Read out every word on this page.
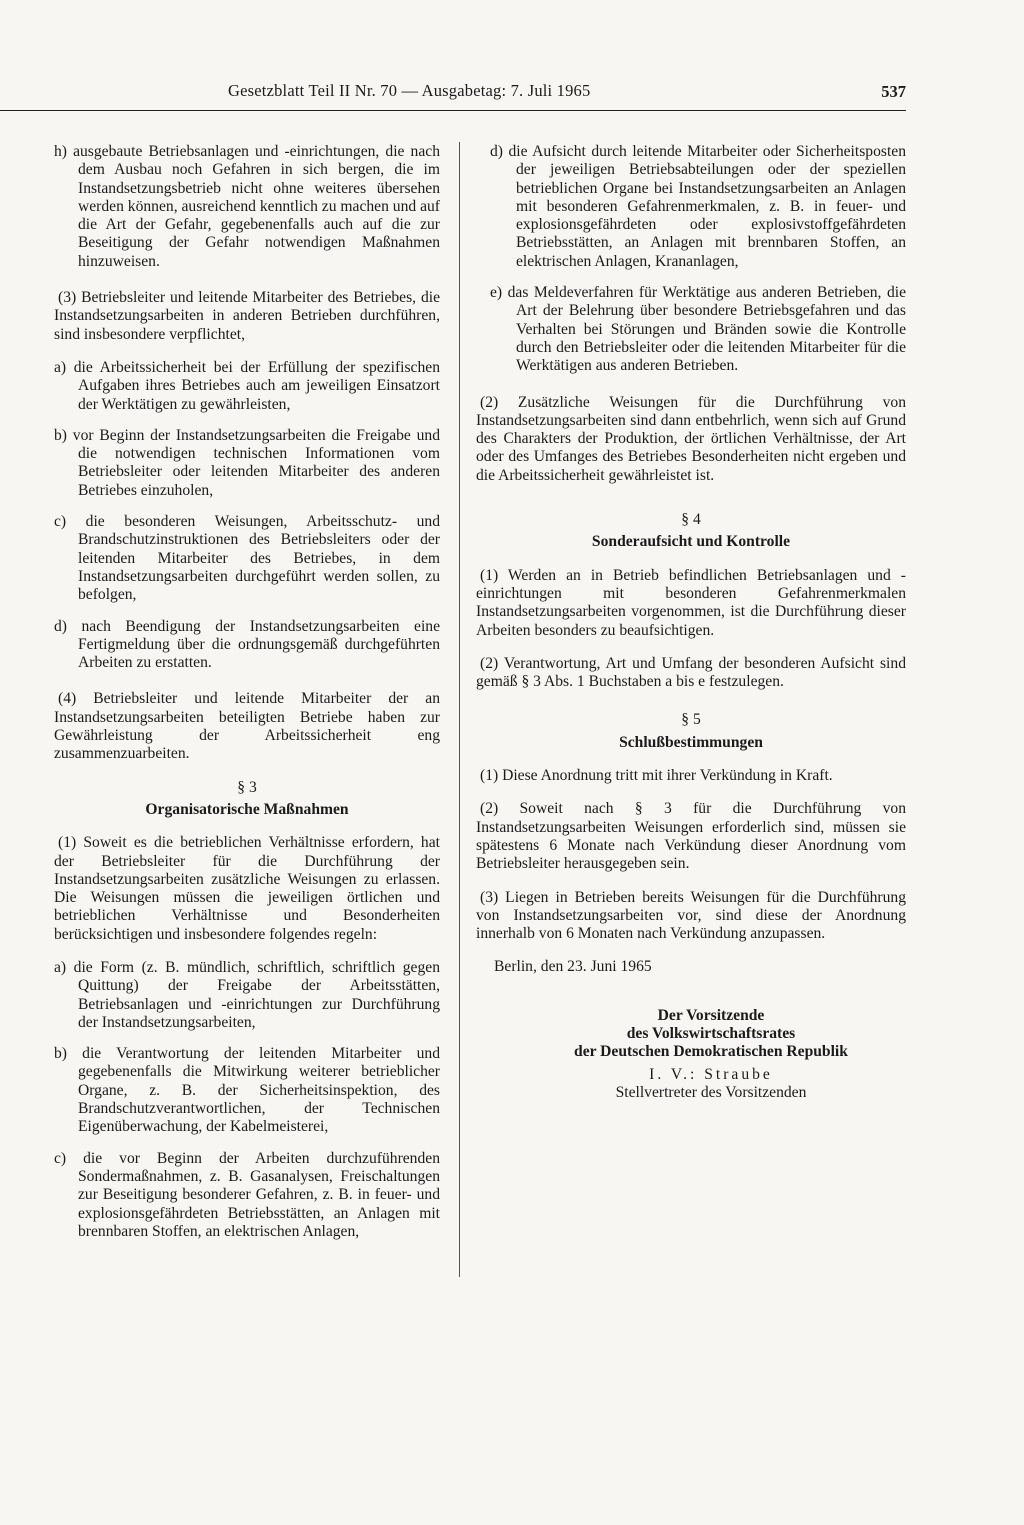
Gesetzblatt Teil II Nr. 70 — Ausgabetag: 7. Juli 1965	537

h) ausgebaute Betriebsanlagen und -einrichtungen, die nach dem Ausbau noch Gefahren in sich bergen, die im Instandsetzungsbetrieb nicht ohne weiteres übersehen werden können, ausreichend kenntlich zu machen und auf die Art der Gefahr, gegebenenfalls auch auf die zur Beseitigung der Gefahr notwendigen Maßnahmen hinzuweisen.

(3) Betriebsleiter und leitende Mitarbeiter des Betriebes, die Instandsetzungsarbeiten in anderen Betrieben durchführen, sind insbesondere verpflichtet,

a) die Arbeitssicherheit bei der Erfüllung der spezifischen Aufgaben ihres Betriebes auch am jeweiligen Einsatzort der Werktätigen zu gewährleisten,

b) vor Beginn der Instandsetzungsarbeiten die Freigabe und die notwendigen technischen Informationen vom Betriebsleiter oder leitenden Mitarbeiter des anderen Betriebes einzuholen,

c) die besonderen Weisungen, Arbeitsschutz- und Brandschutzinstruktionen des Betriebsleiters oder der leitenden Mitarbeiter des Betriebes, in dem Instandsetzungsarbeiten durchgeführt werden sollen, zu befolgen,

d) nach Beendigung der Instandsetzungsarbeiten eine Fertigmeldung über die ordnungsgemäß durchgeführten Arbeiten zu erstatten.

(4) Betriebsleiter und leitende Mitarbeiter der an Instandsetzungsarbeiten beteiligten Betriebe haben zur Gewährleistung der Arbeitssicherheit eng zusammenzuarbeiten.

§ 3

Organisatorische Maßnahmen

(1) Soweit es die betrieblichen Verhältnisse erfordern, hat der Betriebsleiter für die Durchführung der Instandsetzungsarbeiten zusätzliche Weisungen zu erlassen. Die Weisungen müssen die jeweiligen örtlichen und betrieblichen Verhältnisse und Besonderheiten berücksichtigen und insbesondere folgendes regeln:

a) die Form (z. B. mündlich, schriftlich, schriftlich gegen Quittung) der Freigabe der Arbeitsstätten, Betriebsanlagen und -einrichtungen zur Durchführung der Instandsetzungsarbeiten,

b) die Verantwortung der leitenden Mitarbeiter und gegebenenfalls die Mitwirkung weiterer betrieblicher Organe, z. B. der Sicherheitsinspektion, des Brandschutzverantwortlichen, der Technischen Eigenüberwachung, der Kabelmeisterei,

c) die vor Beginn der Arbeiten durchzuführenden Sondermaßnahmen, z. B. Gasanalysen, Freischaltungen zur Beseitigung besonderer Gefahren, z. B. in feuer- und explosionsgefährdeten Betriebsstätten, an Anlagen mit brennbaren Stoffen, an elektrischen Anlagen,

d) die Aufsicht durch leitende Mitarbeiter oder Sicherheitsposten der jeweiligen Betriebsabteilungen oder der speziellen betrieblichen Organe bei Instandsetzungsarbeiten an Anlagen mit besonderen Gefahrenmerkmalen, z. B. in feuer- und explosionsgefährdeten oder explosivstoffgefährdeten Betriebsstätten, an Anlagen mit brennbaren Stoffen, an elektrischen Anlagen, Krananlagen,

e) das Meldeverfahren für Werktätige aus anderen Betrieben, die Art der Belehrung über besondere Betriebsgefahren und das Verhalten bei Störungen und Bränden sowie die Kontrolle durch den Betriebsleiter oder die leitenden Mitarbeiter für die Werktätigen aus anderen Betrieben.

(2) Zusätzliche Weisungen für die Durchführung von Instandsetzungsarbeiten sind dann entbehrlich, wenn sich auf Grund des Charakters der Produktion, der örtlichen Verhältnisse, der Art oder des Umfanges des Betriebes Besonderheiten nicht ergeben und die Arbeitssicherheit gewährleistet ist.

§ 4

Sonderaufsicht und Kontrolle

(1) Werden an in Betrieb befindlichen Betriebsanlagen und -einrichtungen mit besonderen Gefahrenmerkmalen Instandsetzungsarbeiten vorgenommen, ist die Durchführung dieser Arbeiten besonders zu beaufsichtigen.

(2) Verantwortung, Art und Umfang der besonderen Aufsicht sind gemäß § 3 Abs. 1 Buchstaben a bis e festzulegen.

§ 5

Schlußbestimmungen

(1) Diese Anordnung tritt mit ihrer Verkündung in Kraft.

(2) Soweit nach § 3 für die Durchführung von Instandsetzungsarbeiten Weisungen erforderlich sind, müssen sie spätestens 6 Monate nach Verkündung dieser Anordnung vom Betriebsleiter herausgegeben sein.

(3) Liegen in Betrieben bereits Weisungen für die Durchführung von Instandsetzungsarbeiten vor, sind diese der Anordnung innerhalb von 6 Monaten nach Verkündung anzupassen.

Berlin, den 23. Juni 1965

Der Vorsitzende

des Volkswirtschaftsrates

der Deutschen Demokratischen Republik

I. V.: Straube

Stellvertreter des Vorsitzenden
